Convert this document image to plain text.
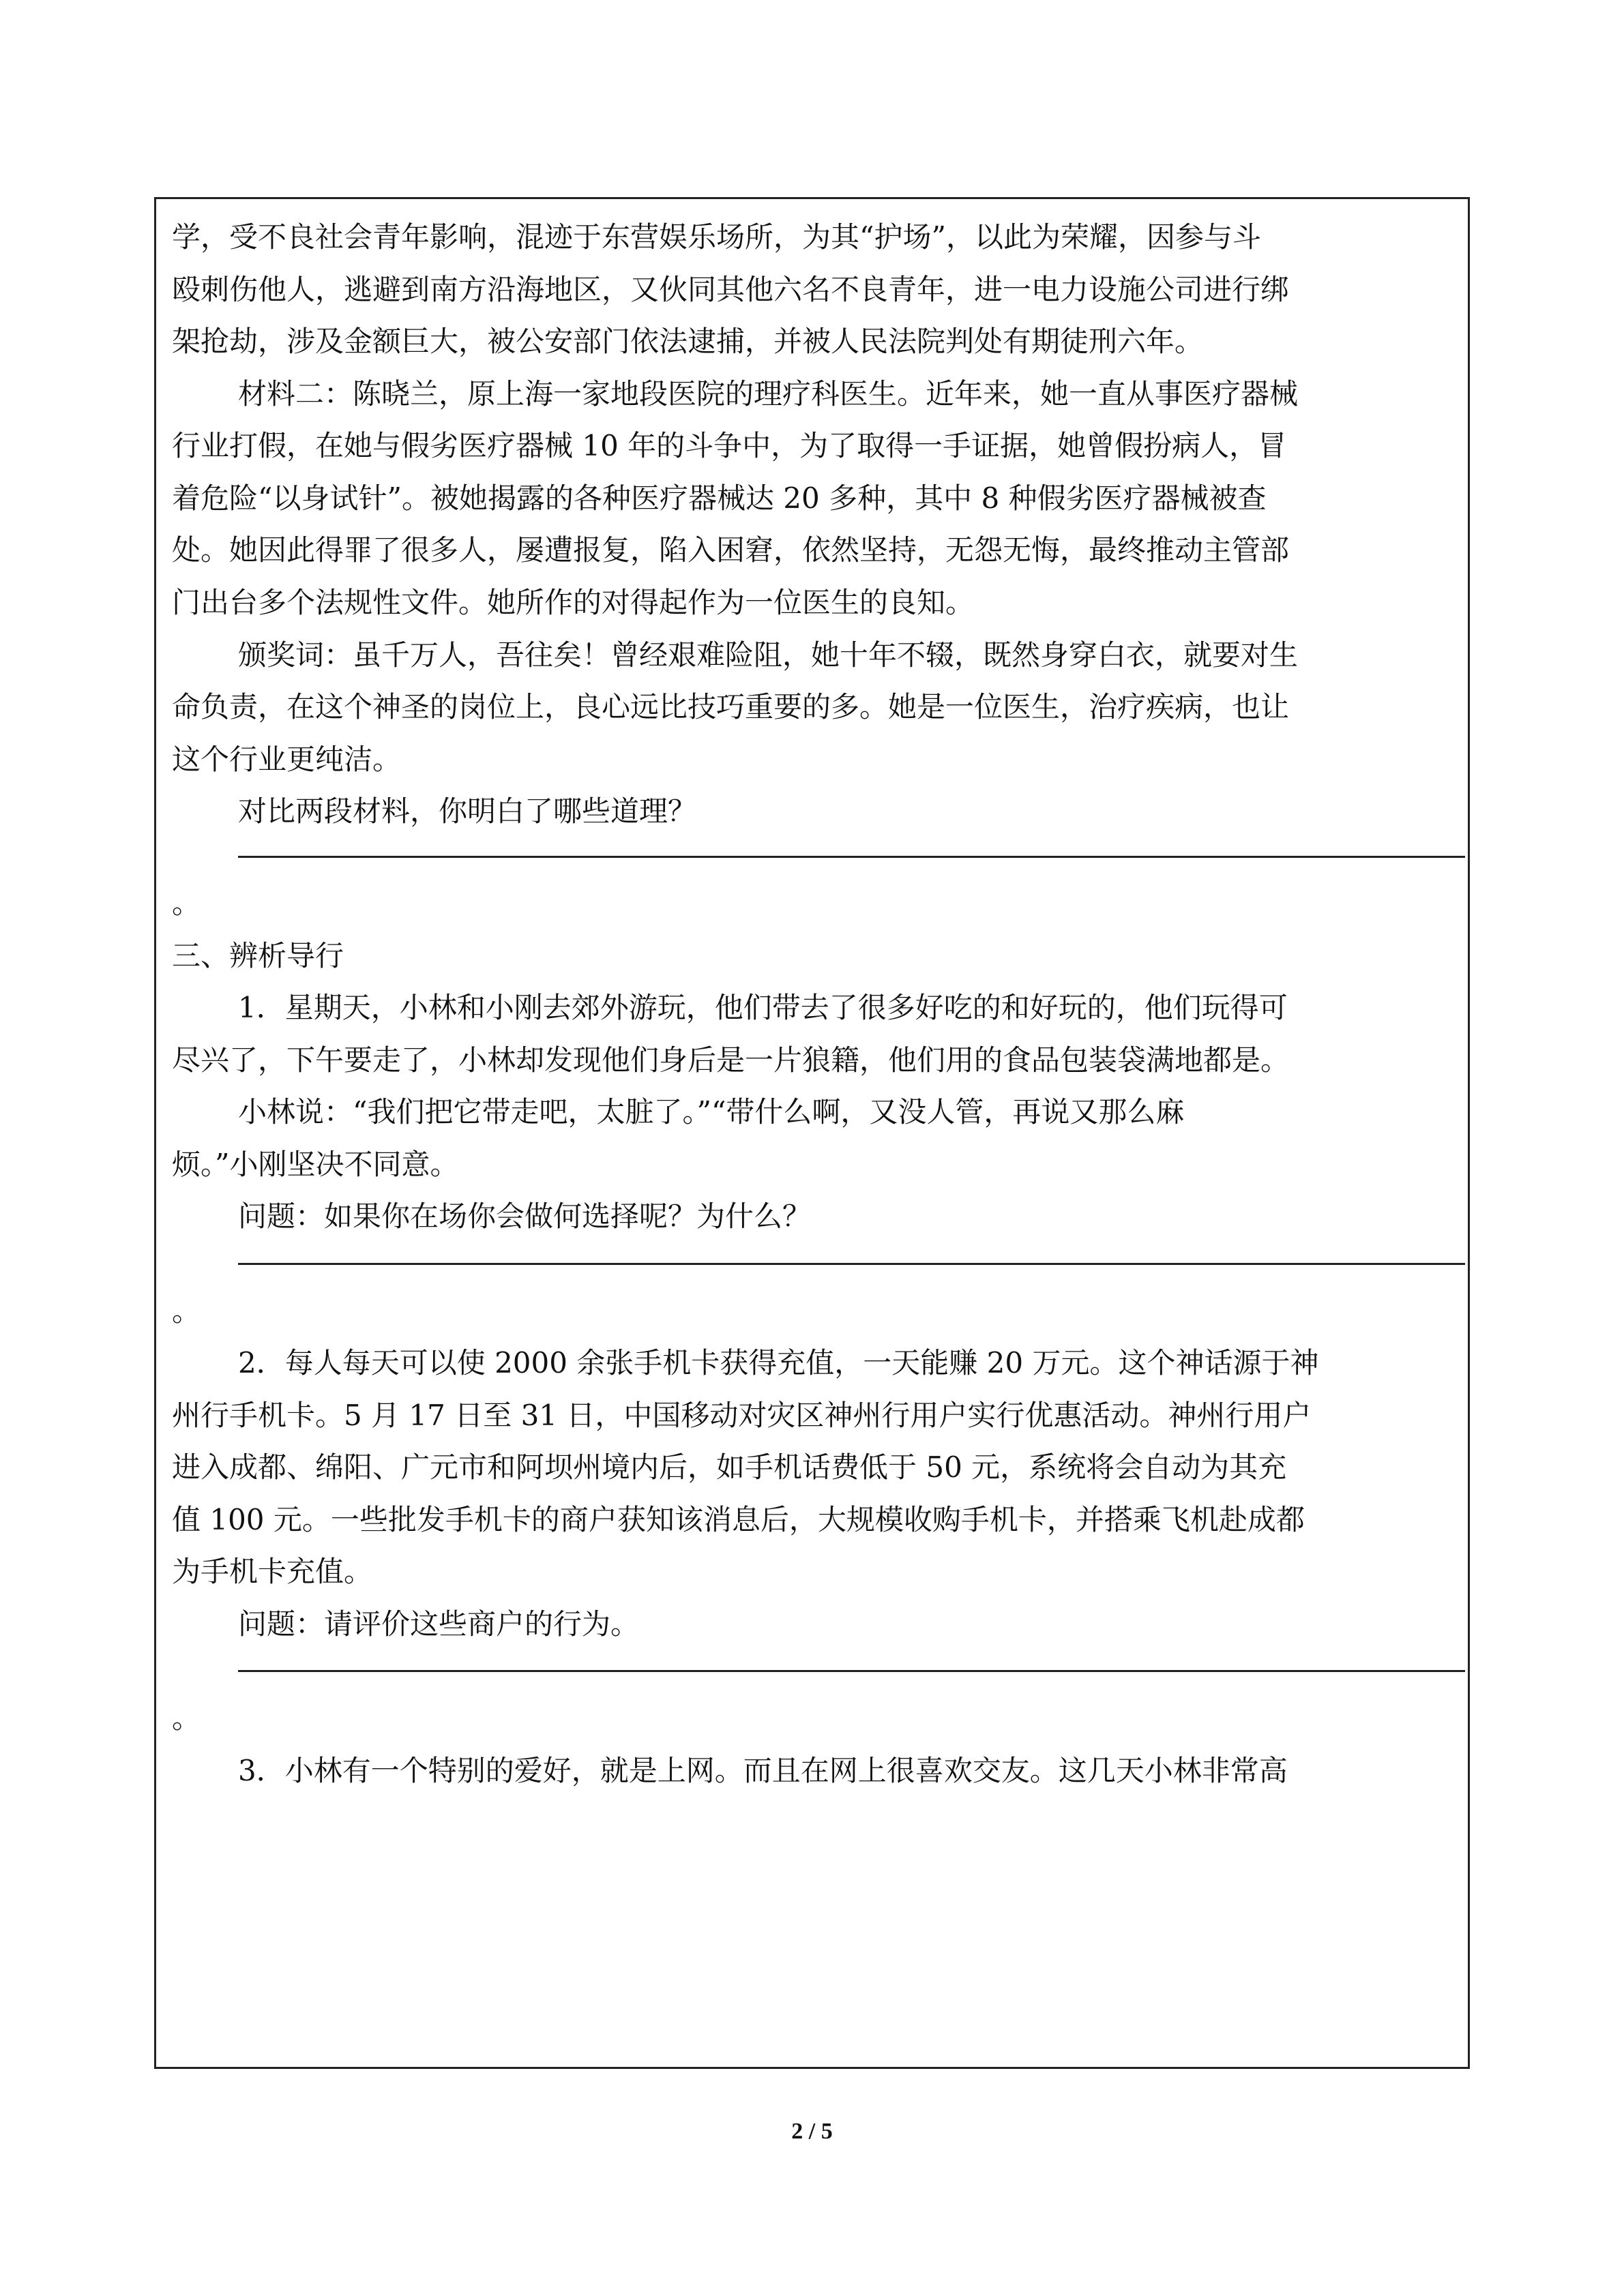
学，受不良社会青年影响，混迹于东营娱乐场所，为其“护场”，以此为荣耀，因参与斗
殴刺伤他人，逃避到南方沿海地区，又伙同其他六名不良青年，进一电力设施公司进行绑
架抢劫，涉及金额巨大，被公安部门依法逮捕，并被人民法院判处有期徒刑六年。
材料二：陈晓兰，原上海一家地段医院的理疗科医生。近年来，她一直从事医疗器械
行业打假，在她与假劣医疗器械 10 年的斗争中，为了取得一手证据，她曾假扮病人，冒
着危险“以身试针”。被她揭露的各种医疗器械达 20 多种，其中 8 种假劣医疗器械被查
处。她因此得罪了很多人，屡遭报复，陷入困窘，依然坚持，无怨无悔，最终推动主管部
门出台多个法规性文件。她所作的对得起作为一位医生的良知。
颁奖词：虽千万人，吾往矣！曾经艰难险阻，她十年不辍，既然身穿白衣，就要对生
命负责，在这个神圣的岗位上，良心远比技巧重要的多。她是一位医生，治疗疾病，也让
这个行业更纯洁。
对比两段材料，你明白了哪些道理？
。
三、辨析导行
1．星期天，小林和小刚去郊外游玩，他们带去了很多好吃的和好玩的，他们玩得可
尽兴了，下午要走了，小林却发现他们身后是一片狼籍，他们用的食品包装袋满地都是。
小林说：“我们把它带走吧，太脏了。”“带什么啊，又没人管，再说又那么麻
烦。”小刚坚决不同意。
问题：如果你在场你会做何选择呢？为什么？
。
2．每人每天可以使 2000 余张手机卡获得充值，一天能赚 20 万元。这个神话源于神
州行手机卡。5 月 17 日至 31 日，中国移动对灾区神州行用户实行优惠活动。神州行用户
进入成都、绵阳、广元市和阿坝州境内后，如手机话费低于 50 元，系统将会自动为其充
值 100 元。一些批发手机卡的商户获知该消息后，大规模收购手机卡，并搭乘飞机赴成都
为手机卡充值。
问题：请评价这些商户的行为。
。
3．小林有一个特别的爱好，就是上网。而且在网上很喜欢交友。这几天小林非常高
2 / 5
